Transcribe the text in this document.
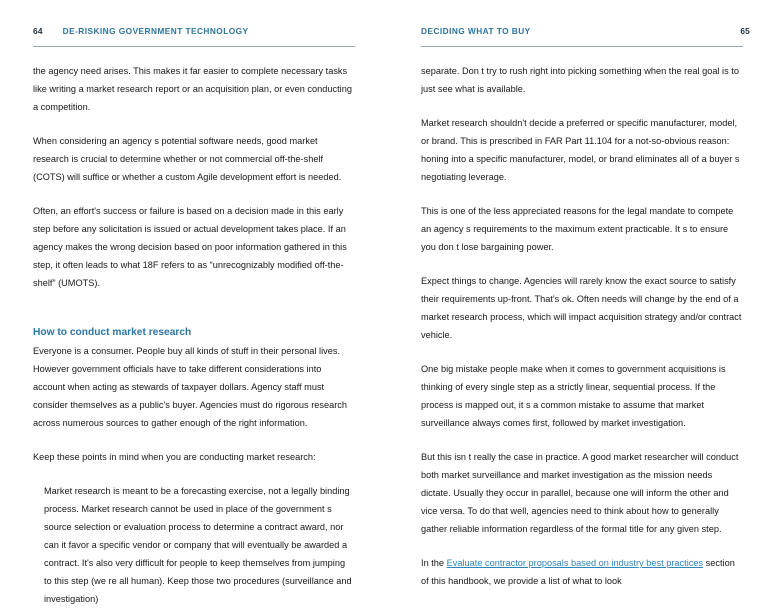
64 DE-RISKING GOVERNMENT TECHNOLOGY

the agency need arises. This makes it far easier to complete necessary tasks like writing a market research report or an acquisition plan, or even conducting a competition.

When considering an agency s potential software needs, good market research is crucial to determine whether or not commercial off-the-shelf (COTS) will suffice or whether a custom Agile development effort is needed.

Often, an effort's success or failure is based on a decision made in this early step before any solicitation is issued or actual development takes place. If an agency makes the wrong decision based on poor information gathered in this step, it often leads to what 18F refers to as “unrecognizably modified off-the-shelf” (UMOTS).

How to conduct market research

Everyone is a consumer. People buy all kinds of stuff in their personal lives. However government officials have to take different considerations into account when acting as stewards of taxpayer dollars. Agency staff must consider themselves as a public's buyer. Agencies must do rigorous research across numerous sources to gather enough of the right information.

Keep these points in mind when you are conducting market research:

Market research is meant to be a forecasting exercise, not a legally binding process. Market research cannot be used in place of the government s source selection or evaluation process to determine a contract award, nor can it favor a specific vendor or company that will eventually be awarded a contract. It's also very difficult for people to keep themselves from jumping to this step (we re all human). Keep those two procedures (surveillance and investigation)

DECIDING WHAT TO BUY	65

separate. Don t try to rush right into picking something when the real goal is to just see what is available.

Market research shouldn't decide a preferred or specific manufacturer, model, or brand. This is prescribed in FAR Part 11.104 for a not-so-obvious reason: honing into a specific manufacturer, model, or brand eliminates all of a buyer s negotiating leverage.

This is one of the less appreciated reasons for the legal mandate to compete an agency s requirements to the maximum extent practicable. It s to ensure you don t lose bargaining power.

Expect things to change. Agencies will rarely know the exact source to satisfy their requirements up-front. That's ok. Often needs will change by the end of a market research process, which will impact acquisition strategy and/or contract vehicle.

One big mistake people make when it comes to government acquisitions is thinking of every single step as a strictly linear, sequential process. If the process is mapped out, it s a common mistake to assume that market surveillance always comes first, followed by market investigation.

But this isn t really the case in practice. A good market researcher will conduct both market surveillance and market investigation as the mission needs dictate. Usually they occur in parallel, because one will inform the other and vice versa. To do that well, agencies need to think about how to generally gather reliable information regardless of the formal title for any given step.

In the Evaluate contractor proposals based on industry best practices section of this handbook, we provide a list of what to look
